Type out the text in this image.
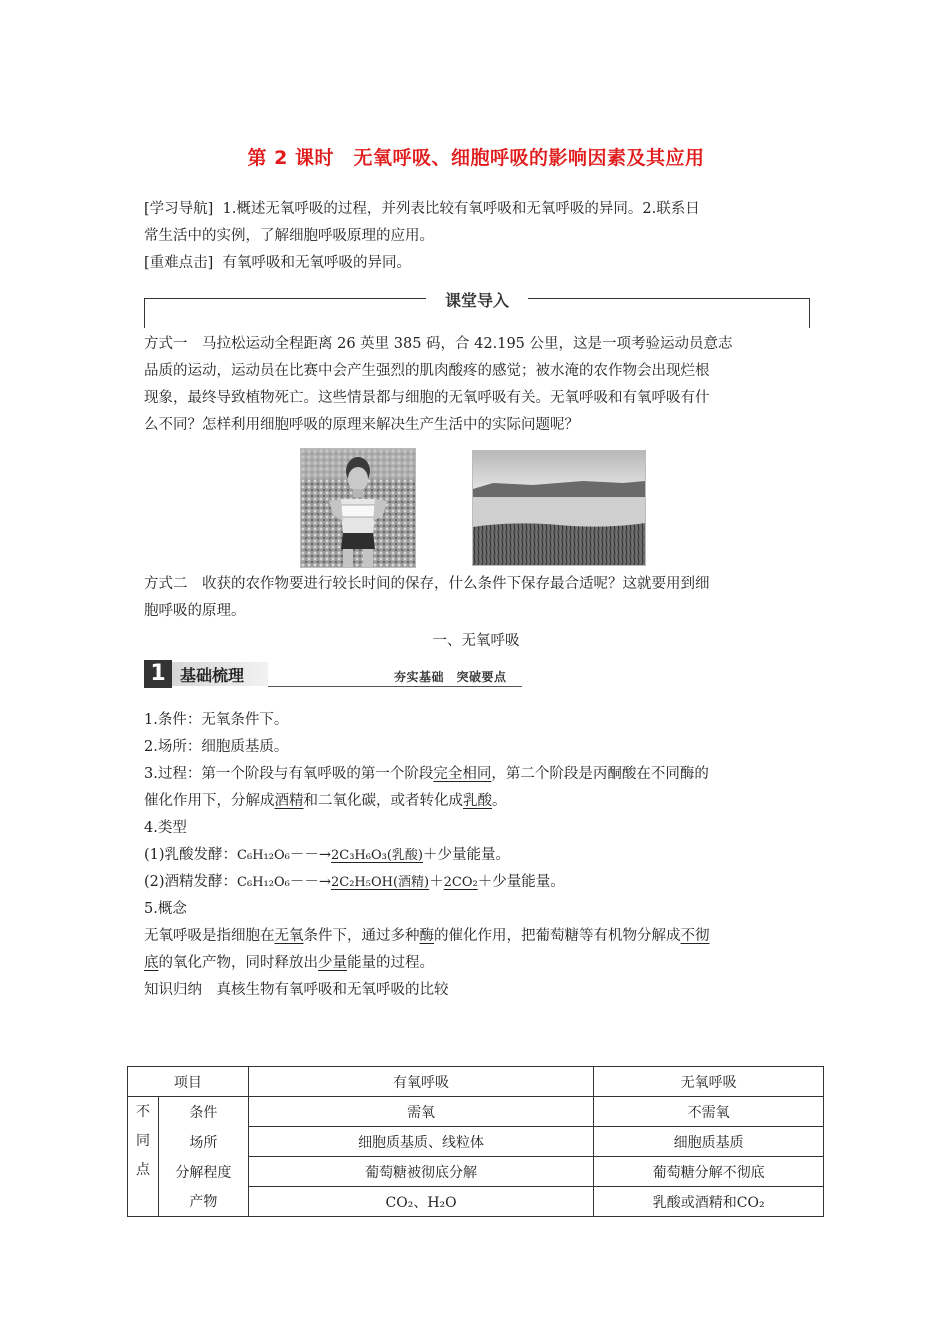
第 2 课时　无氧呼吸、细胞呼吸的影响因素及其应用
[学习导航] 1.概述无氧呼吸的过程，并列表比较有氧呼吸和无氧呼吸的异同。2.联系日
常生活中的实例，了解细胞呼吸原理的应用。
[重难点击] 有氧呼吸和无氧呼吸的异同。
课堂导入
方式一　马拉松运动全程距离 26 英里 385 码，合 42.195 公里，这是一项考验运动员意志
品质的运动，运动员在比赛中会产生强烈的肌肉酸疼的感觉；被水淹的农作物会出现烂根
现象，最终导致植物死亡。这些情景都与细胞的无氧呼吸有关。无氧呼吸和有氧呼吸有什
么不同？怎样利用细胞呼吸的原理来解决生产生活中的实际问题呢？
方式二　收获的农作物要进行较长时间的保存，什么条件下保存最合适呢？这就要用到细
胞呼吸的原理。
一、无氧呼吸
1 基础梳理	夯实基础　突破要点
1.条件：无氧条件下。
2.场所：细胞质基质。
3.过程：第一个阶段与有氧呼吸的第一个阶段完全相同，第二个阶段是丙酮酸在不同酶的
催化作用下，分解成酒精和二氧化碳，或者转化成乳酸。
4.类型
(1)乳酸发酵：C₆H₁₂O₆－－→2C₃H₆O₃(乳酸)＋少量能量。
(2)酒精发酵：C₆H₁₂O₆－－→2C₂H₅OH(酒精)＋2CO₂＋少量能量。
5.概念
无氧呼吸是指细胞在无氧条件下，通过多种酶的催化作用，把葡萄糖等有机物分解成不彻
底的氧化产物，同时释放出少量能量的过程。
知识归纳　真核生物有氧呼吸和无氧呼吸的比较
项目		有氧呼吸	无氧呼吸

不
同
点	条件	需氧	不需氧
	场所	细胞质基质、线粒体	细胞质基质
	分解程度	葡萄糖被彻底分解	葡萄糖分解不彻底
	产物	CO₂、H₂O	乳酸或酒精和CO₂
